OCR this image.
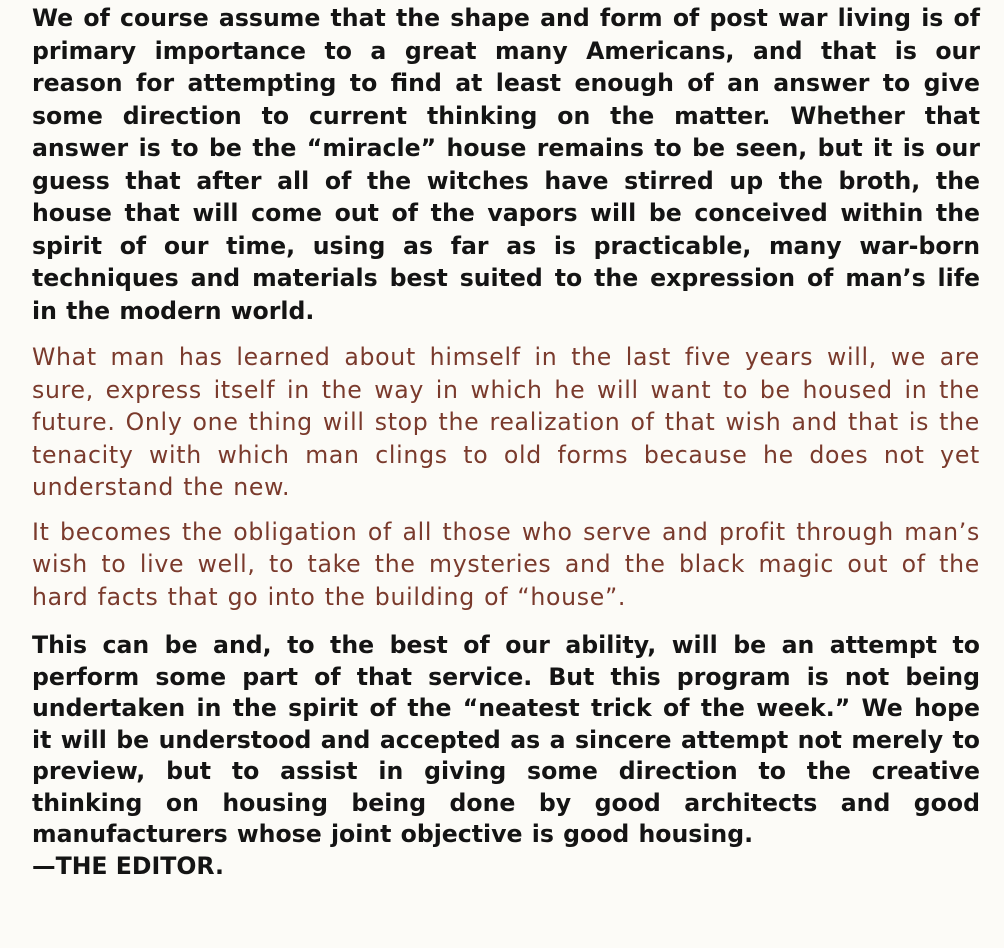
We of course assume that the shape and form of post war living is of primary importance to a great many Americans, and that is our reason for attempting to find at least enough of an answer to give some direction to current thinking on the matter. Whether that answer is to be the “miracle” house remains to be seen, but it is our guess that after all of the witches have stirred up the broth, the house that will come out of the vapors will be conceived within the spirit of our time, using as far as is practicable, many war-born techniques and materials best suited to the expression of man’s life in the modern world.

What man has learned about himself in the last five years will, we are sure, express itself in the way in which he will want to be housed in the future. Only one thing will stop the realization of that wish and that is the tenacity with which man clings to old forms because he does not yet understand the new.

It becomes the obligation of all those who serve and profit through man’s wish to live well, to take the mysteries and the black magic out of the hard facts that go into the building of “house”.

This can be and, to the best of our ability, will be an attempt to perform some part of that service. But this program is not being undertaken in the spirit of the “neatest trick of the week.” We hope it will be understood and accepted as a sincere attempt not merely to preview, but to assist in giving some direction to the creative thinking on housing being done by good architects and good manufacturers whose joint objective is good housing.

—THE EDITOR.
